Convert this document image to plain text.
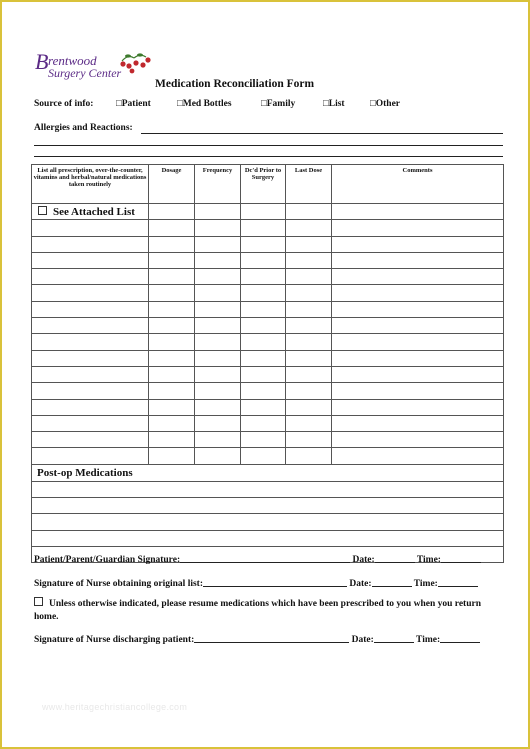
B rentwood
Surgery Center
Medication Reconciliation Form
Source of info: □Patient	□Med Bottles	□Family	□List	□Other
Allergies and Reactions:
List all prescription, over-the-counter, vitamins and herbal/natural medications taken routinely	Dosage	Frequency	Dc'd Prior to Surgery	Last Dose	Comments
See Attached List					

Post-op Medications					

Patient/Parent/Guardian Signature:	Date:	Time:
Signature of Nurse obtaining original list:	Date:	Time:
Unless otherwise indicated, please resume medications which have been prescribed to you when you return home.
Signature of Nurse discharging patient:	Date:	Time:
www.heritagechristiancollege.com
